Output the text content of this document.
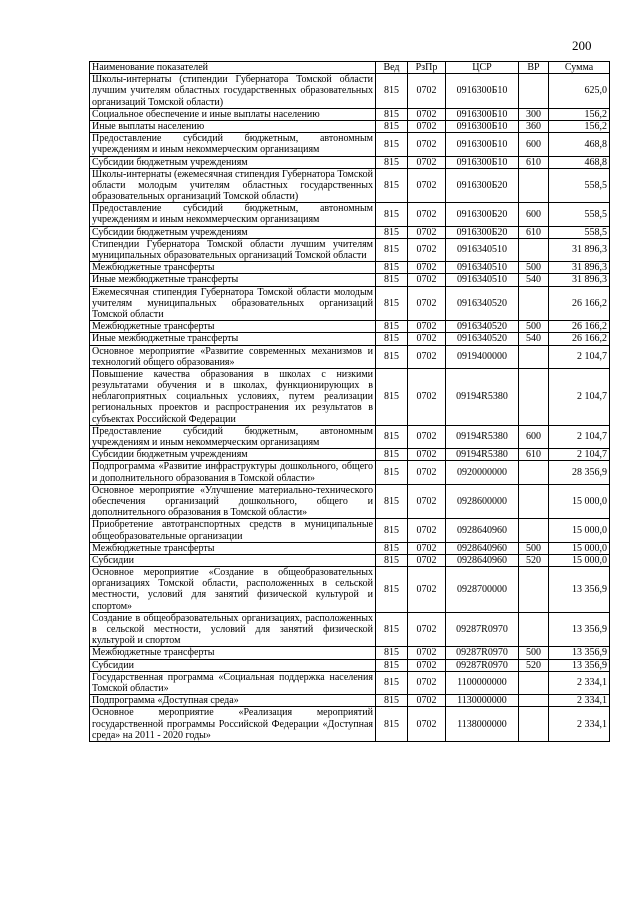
200
Наименование показателей	Вед	РзПр	ЦСР	ВР	Сумма
Школы-интернаты (стипендии Губернатора Томской области лучшим учителям областных государственных образовательных организаций Томской области)	815	0702	0916300Б10		625,0
Социальное обеспечение и иные выплаты населению	815	0702	0916300Б10	300	156,2
Иные выплаты населению	815	0702	0916300Б10	360	156,2
Предоставление субсидий бюджетным, автономным учреждениям и иным некоммерческим организациям	815	0702	0916300Б10	600	468,8
Субсидии бюджетным учреждениям	815	0702	0916300Б10	610	468,8
Школы-интернаты (ежемесячная стипендия Губернатора Томской области молодым учителям областных государственных образовательных организаций Томской области)	815	0702	0916300Б20		558,5
Предоставление субсидий бюджетным, автономным учреждениям и иным некоммерческим организациям	815	0702	0916300Б20	600	558,5
Субсидии бюджетным учреждениям	815	0702	0916300Б20	610	558,5
Стипендии Губернатора Томской области лучшим учителям муниципальных образовательных организаций Томской области	815	0702	0916340510		31 896,3
Межбюджетные трансферты	815	0702	0916340510	500	31 896,3
Иные межбюджетные трансферты	815	0702	0916340510	540	31 896,3
Ежемесячная стипендия Губернатора Томской области молодым учителям муниципальных образовательных организаций Томской области	815	0702	0916340520		26 166,2
Межбюджетные трансферты	815	0702	0916340520	500	26 166,2
Иные межбюджетные трансферты	815	0702	0916340520	540	26 166,2
Основное мероприятие «Развитие современных механизмов и технологий общего образования»	815	0702	0919400000		2 104,7
Повышение качества образования в школах с низкими результатами обучения и в школах, функционирующих в неблагоприятных социальных условиях, путем реализации региональных проектов и распространения их результатов в субъектах Российской Федерации	815	0702	09194R5380		2 104,7
Предоставление субсидий бюджетным, автономным учреждениям и иным некоммерческим организациям	815	0702	09194R5380	600	2 104,7
Субсидии бюджетным учреждениям	815	0702	09194R5380	610	2 104,7
Подпрограмма «Развитие инфраструктуры дошкольного, общего и дополнительного образования в Томской области»	815	0702	0920000000		28 356,9
Основное мероприятие «Улучшение материально-технического обеспечения организаций дошкольного, общего и дополнительного образования в Томской области»	815	0702	0928600000		15 000,0
Приобретение автотранспортных средств в муниципальные общеобразовательные организации	815	0702	0928640960		15 000,0
Межбюджетные трансферты	815	0702	0928640960	500	15 000,0
Субсидии	815	0702	0928640960	520	15 000,0
Основное мероприятие «Создание в общеобразовательных организациях Томской области, расположенных в сельской местности, условий для занятий физической культурой и спортом»	815	0702	0928700000		13 356,9
Создание в общеобразовательных организациях, расположенных в сельской местности, условий для занятий физической культурой и спортом	815	0702	09287R0970		13 356,9
Межбюджетные трансферты	815	0702	09287R0970	500	13 356,9
Субсидии	815	0702	09287R0970	520	13 356,9
Государственная программа «Социальная поддержка населения Томской области»	815	0702	1100000000		2 334,1
Подпрограмма «Доступная среда»	815	0702	1130000000		2 334,1
Основное мероприятие «Реализация мероприятий государственной программы Российской Федерации «Доступная среда» на 2011 - 2020 годы»	815	0702	1138000000		2 334,1
